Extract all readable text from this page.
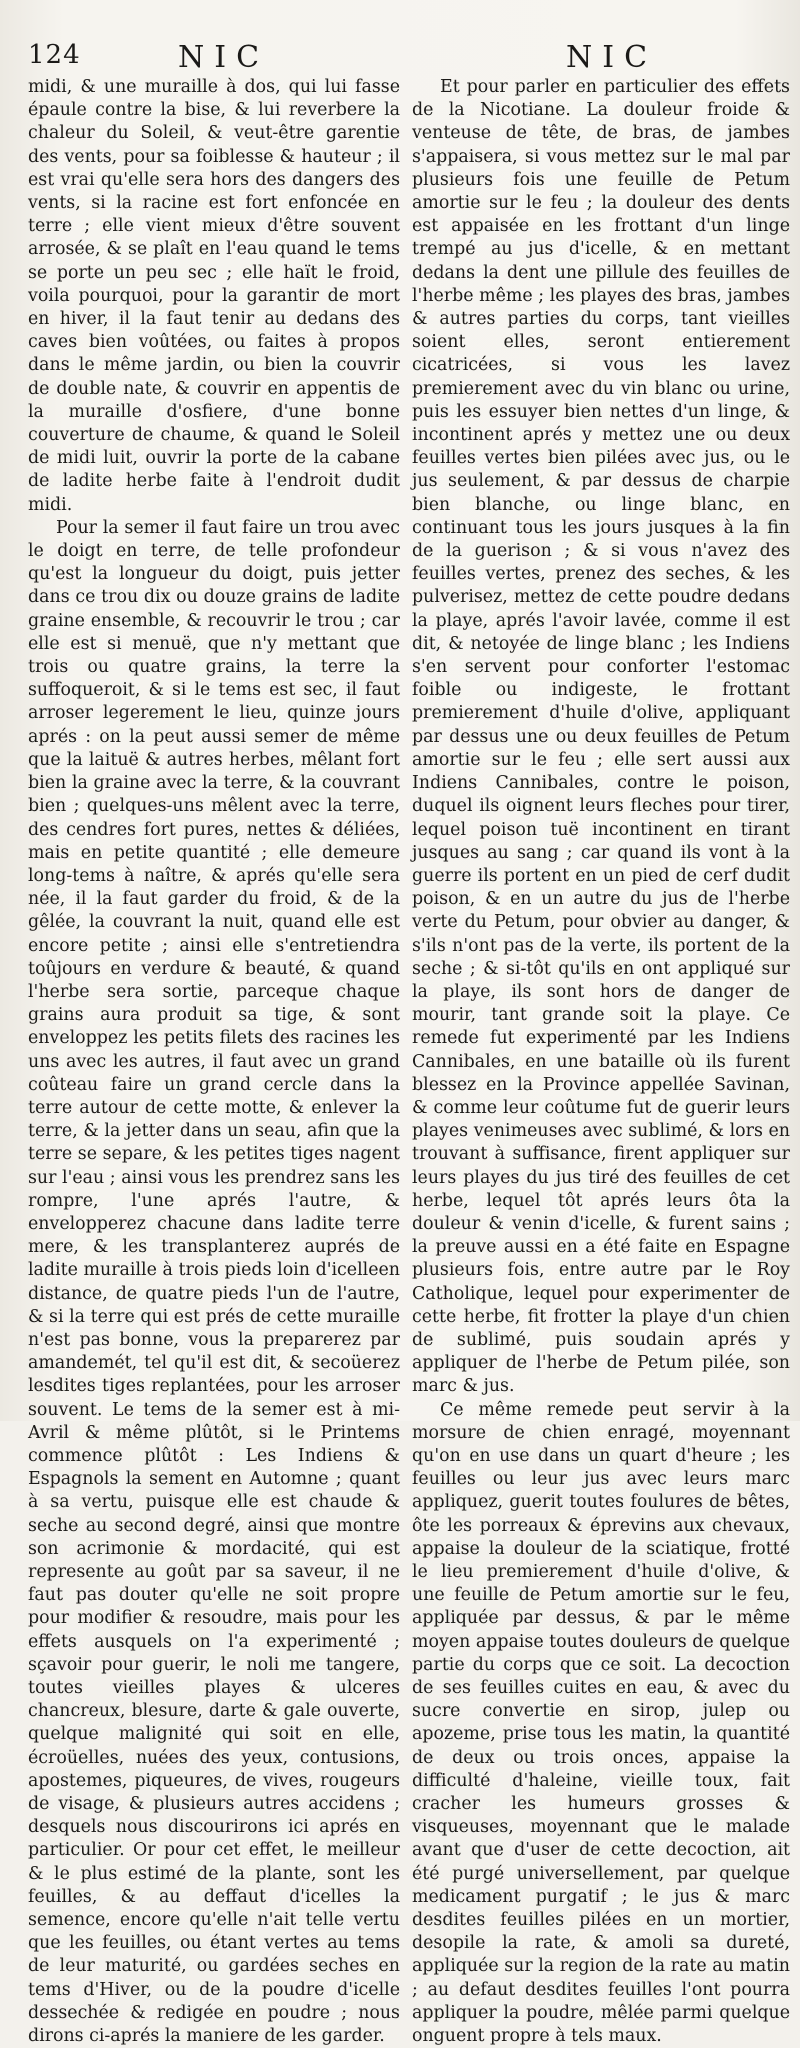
124	NIC	NIC

midi, & une muraille à dos, qui lui fasse épaule contre la bise, & lui reverbere la chaleur du Soleil, & veut-être garentie des vents, pour sa foiblesse & hauteur ; il est vrai qu'elle sera hors des dangers des vents, si la racine est fort enfoncée en terre ; elle vient mieux d'être souvent arrosée, & se plaît en l'eau quand le tems se porte un peu sec ; elle haït le froid, voila pourquoi, pour la garantir de mort en hiver, il la faut tenir au dedans des caves bien voûtées, ou faites à propos dans le même jardin, ou bien la couvrir de double nate, & couvrir en appentis de la muraille d'osfiere, d'une bonne couverture de chaume, & quand le Soleil de midi luit, ouvrir la porte de la cabane de ladite herbe faite à l'endroit dudit midi.

Pour la semer il faut faire un trou avec le doigt en terre, de telle profondeur qu'est la longueur du doigt, puis jetter dans ce trou dix ou douze grains de ladite graine ensemble, & recouvrir le trou ; car elle est si menuë, que n'y mettant que trois ou quatre grains, la terre la suffoqueroit, & si le tems est sec, il faut arroser legerement le lieu, quinze jours aprés : on la peut aussi semer de même que la laituë & autres herbes, mêlant fort bien la graine avec la terre, & la couvrant bien ; quelques-uns mêlent avec la terre, des cendres fort pures, nettes & déliées, mais en petite quantité ; elle demeure long-tems à naître, & aprés qu'elle sera née, il la faut garder du froid, & de la gêlée, la couvrant la nuit, quand elle est encore petite ; ainsi elle s'entretiendra toûjours en verdure & beauté, & quand l'herbe sera sortie, parceque chaque grains aura produit sa tige, & sont enveloppez les petits filets des racines les uns avec les autres, il faut avec un grand coûteau faire un grand cercle dans la terre autour de cette motte, & enlever la terre, & la jetter dans un seau, afin que la terre se separe, & les petites tiges nagent sur l'eau ; ainsi vous les prendrez sans les rompre, l'une aprés l'autre, & envelopperez chacune dans ladite terre mere, & les transplanterez auprés de ladite muraille à trois pieds loin d'icelleen distance, de quatre pieds l'un de l'autre, & si la terre qui est prés de cette muraille n'est pas bonne, vous la preparerez par amandemét, tel qu'il est dit, & secoüerez lesdites tiges replantées, pour les arroser souvent. Le tems de la semer est à mi-Avril & même plûtôt, si le Printems commence plûtôt : Les Indiens & Espagnols la sement en Automne ; quant à sa vertu, puisque elle est chaude & seche au second degré, ainsi que montre son acrimonie & mordacité, qui est represente au goût par sa saveur, il ne faut pas douter qu'elle ne soit propre pour modifier & resoudre, mais pour les effets ausquels on l'a experimenté ; sçavoir pour guerir, le noli me tangere, toutes vieilles playes & ulceres chancreux, blesure, darte & gale ouverte, quelque malignité qui soit en elle, écroüelles, nuées des yeux, contusions, apostemes, piqueures, de vives, rougeurs de visage, & plusieurs autres accidens ; desquels nous discourirons ici aprés en particulier. Or pour cet effet, le meilleur & le plus estimé de la plante, sont les feuilles, & au deffaut d'icelles la semence, encore qu'elle n'ait telle vertu que les feuilles, ou étant vertes au tems de leur maturité, ou gardées seches en tems d'Hiver, ou de la poudre d'icelle dessechée & redigée en poudre ; nous dirons ci-aprés la maniere de les garder.

Et pour parler en particulier des effets de la Nicotiane. La douleur froide & venteuse de tête, de bras, de jambes s'appaisera, si vous mettez sur le mal par plusieurs fois une feuille de Petum amortie sur le feu ; la douleur des dents est appaisée en les frottant d'un linge trempé au jus d'icelle, & en mettant dedans la dent une pillule des feuilles de l'herbe même ; les playes des bras, jambes & autres parties du corps, tant vieilles soient elles, seront entierement cicatricées, si vous les lavez premierement avec du vin blanc ou urine, puis les essuyer bien nettes d'un linge, & incontinent aprés y mettez une ou deux feuilles vertes bien pilées avec jus, ou le jus seulement, & par dessus de charpie bien blanche, ou linge blanc, en continuant tous les jours jusques à la fin de la guerison ; & si vous n'avez des feuilles vertes, prenez des seches, & les pulverisez, mettez de cette poudre dedans la playe, aprés l'avoir lavée, comme il est dit, & netoyée de linge blanc ; les Indiens s'en servent pour conforter l'estomac foible ou indigeste, le frottant premierement d'huile d'olive, appliquant par dessus une ou deux feuilles de Petum amortie sur le feu ; elle sert aussi aux Indiens Cannibales, contre le poison, duquel ils oignent leurs fleches pour tirer, lequel poison tuë incontinent en tirant jusques au sang ; car quand ils vont à la guerre ils portent en un pied de cerf dudit poison, & en un autre du jus de l'herbe verte du Petum, pour obvier au danger, & s'ils n'ont pas de la verte, ils portent de la seche ; & si-tôt qu'ils en ont appliqué sur la playe, ils sont hors de danger de mourir, tant grande soit la playe. Ce remede fut experimenté par les Indiens Cannibales, en une bataille où ils furent blessez en la Province appellée Savinan, & comme leur coûtume fut de guerir leurs playes venimeuses avec sublimé, & lors en trouvant à suffisance, firent appliquer sur leurs playes du jus tiré des feuilles de cet herbe, lequel tôt aprés leurs ôta la douleur & venin d'icelle, & furent sains ; la preuve aussi en a été faite en Espagne plusieurs fois, entre autre par le Roy Catholique, lequel pour experimenter de cette herbe, fit frotter la playe d'un chien de sublimé, puis soudain aprés y appliquer de l'herbe de Petum pilée, son marc & jus.

Ce même remede peut servir à la morsure de chien enragé, moyennant qu'on en use dans un quart d'heure ; les feuilles ou leur jus avec leurs marc appliquez, guerit toutes foulures de bêtes, ôte les porreaux & éprevins aux chevaux, appaise la douleur de la sciatique, frotté le lieu premierement d'huile d'olive, & une feuille de Petum amortie sur le feu, appliquée par dessus, & par le même moyen appaise toutes douleurs de quelque partie du corps que ce soit. La decoction de ses feuilles cuites en eau, & avec du sucre convertie en sirop, julep ou apozeme, prise tous les matin, la quantité de deux ou trois onces, appaise la difficulté d'haleine, vieille toux, fait cracher les humeurs grosses & visqueuses, moyennant que le malade avant que d'user de cette decoction, ait été purgé universellement, par quelque medicament purgatif ; le jus & marc desdites feuilles pilées en un mortier, desopile la rate, & amoli sa dureté, appliquée sur la region de la rate au matin ; au defaut desdites feuilles l'ont pourra appliquer la poudre, mêlée parmi quelque onguent propre à tels maux.
